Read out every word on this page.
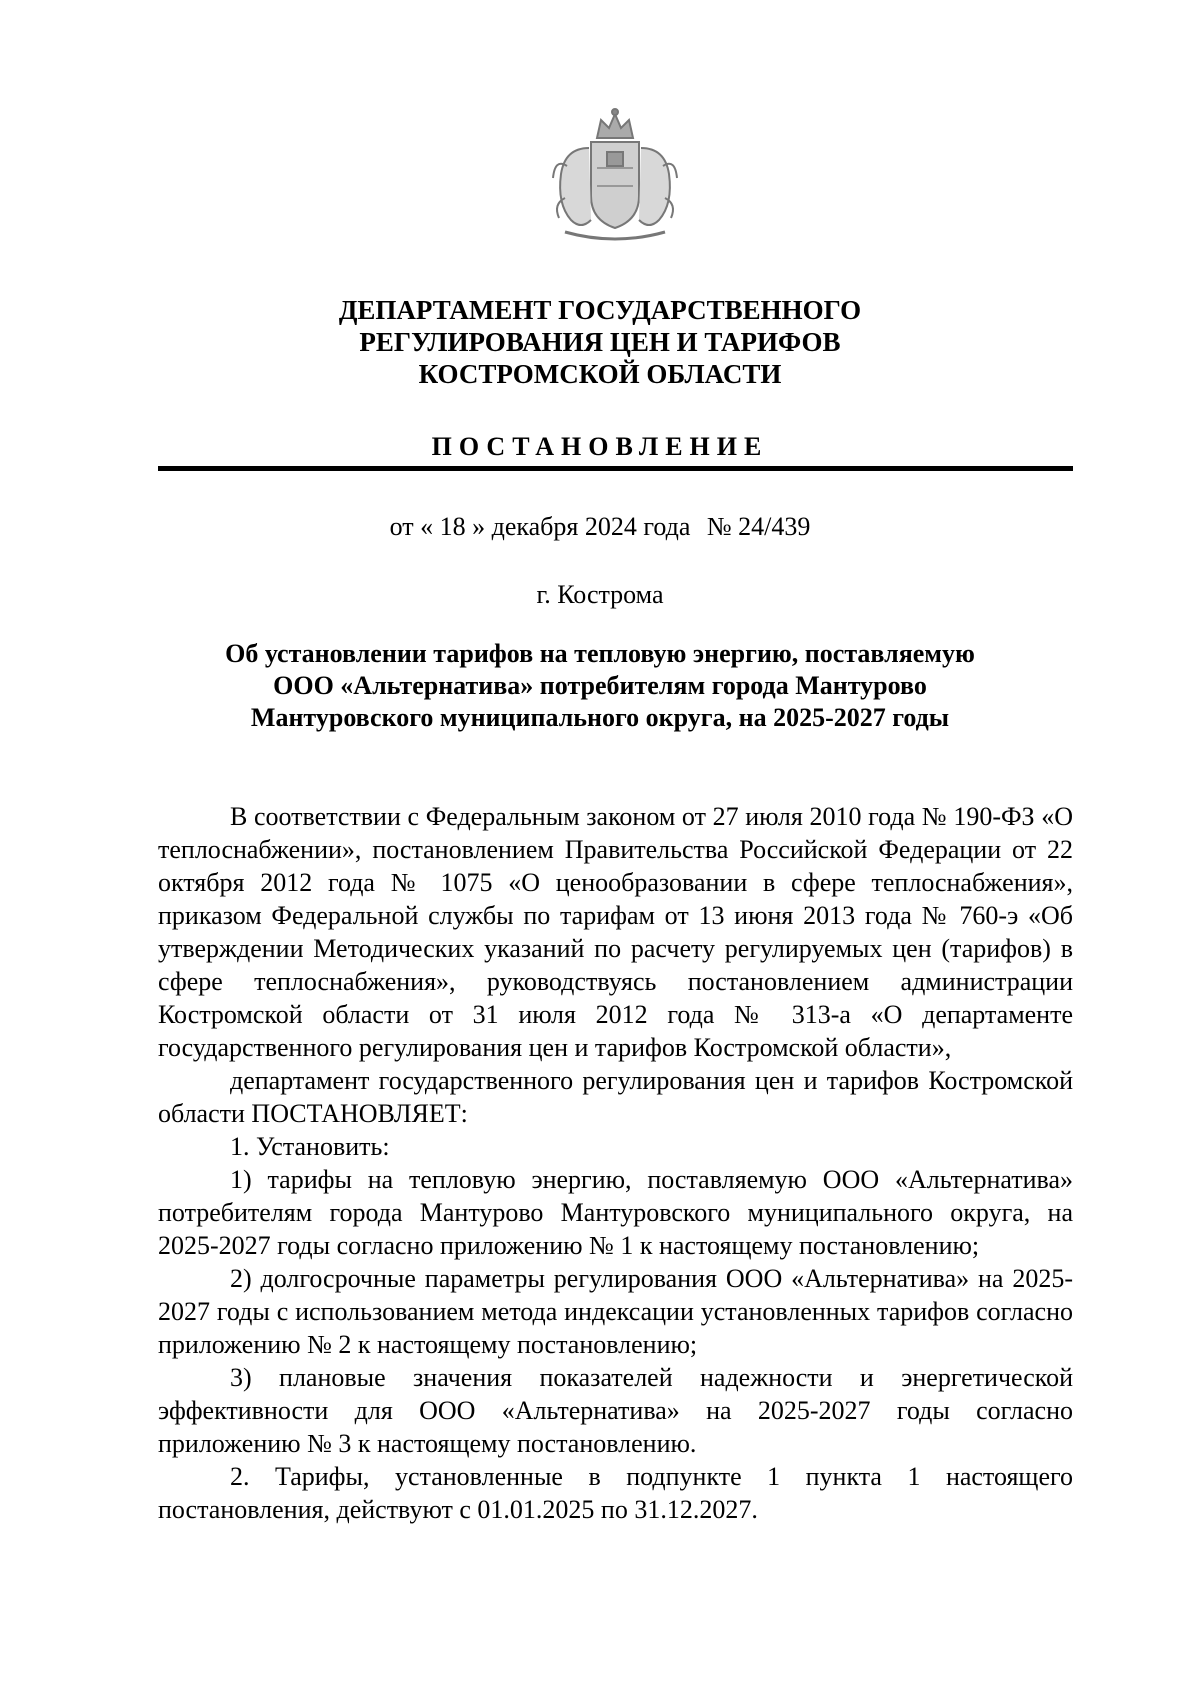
ДЕПАРТАМЕНТ ГОСУДАРСТВЕННОГО
РЕГУЛИРОВАНИЯ ЦЕН И ТАРИФОВ
КОСТРОМСКОЙ ОБЛАСТИ
ПОСТАНОВЛЕНИЕ
от « 18 » декабря 2024 года № 24/439
г. Кострома
Об установлении тарифов на тепловую энергию, поставляемую
ООО «Альтернатива» потребителям города Мантурово
Мантуровского муниципального округа, на 2025-2027 годы

В соответствии с Федеральным законом от 27 июля 2010 года № 190-ФЗ «О теплоснабжении», постановлением Правительства Российской Федерации от 22 октября 2012 года № 1075 «О ценообразовании в сфере теплоснабжения», приказом Федеральной службы по тарифам от 13 июня 2013 года № 760-э «Об утверждении Методических указаний по расчету регулируемых цен (тарифов) в сфере теплоснабжения», руководствуясь постановлением администрации Костромской области от 31 июля 2012 года № 313-а «О департаменте государственного регулирования цен и тарифов Костромской области»,

департамент государственного регулирования цен и тарифов Костромской области ПОСТАНОВЛЯЕТ:

1. Установить:

1) тарифы на тепловую энергию, поставляемую ООО «Альтернатива» потребителям города Мантурово Мантуровского муниципального округа, на 2025-2027 годы согласно приложению № 1 к настоящему постановлению;

2) долгосрочные параметры регулирования ООО «Альтернатива» на 2025-2027 годы с использованием метода индексации установленных тарифов согласно приложению № 2 к настоящему постановлению;

3) плановые значения показателей надежности и энергетической эффективности для ООО «Альтернатива» на 2025-2027 годы согласно приложению № 3 к настоящему постановлению.

2. Тарифы, установленные в подпункте 1 пункта 1 настоящего постановления, действуют с 01.01.2025 по 31.12.2027.
